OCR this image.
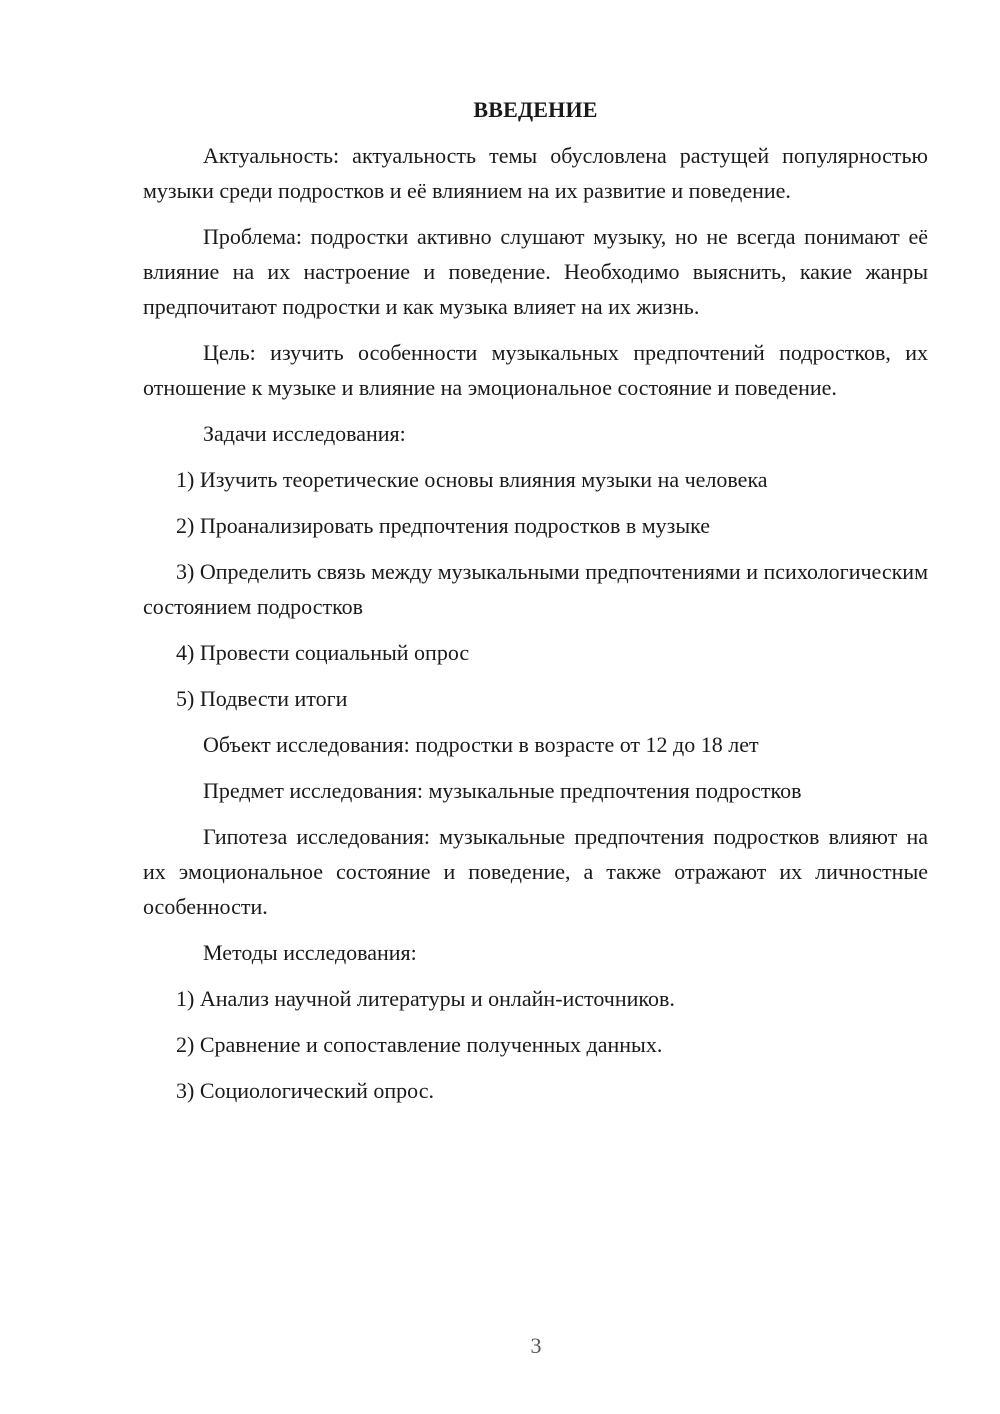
ВВЕДЕНИЕ
Актуальность: актуальность темы обусловлена растущей популярностью музыки среди подростков и её влиянием на их развитие и поведение.
Проблема: подростки активно слушают музыку, но не всегда понимают её влияние на их настроение и поведение. Необходимо выяснить, какие жанры предпочитают подростки и как музыка влияет на их жизнь.
Цель: изучить особенности музыкальных предпочтений подростков, их отношение к музыке и влияние на эмоциональное состояние и поведение.
Задачи исследования:
1) Изучить теоретические основы влияния музыки на человека
2) Проанализировать предпочтения подростков в музыке
3) Определить связь между музыкальными предпочтениями и психологическим состоянием подростков
4) Провести социальный опрос
5) Подвести итоги
Объект исследования: подростки в возрасте от 12 до 18 лет
Предмет исследования: музыкальные предпочтения подростков
Гипотеза исследования: музыкальные предпочтения подростков влияют на их эмоциональное состояние и поведение, а также отражают их личностные особенности.
Методы исследования:
1) Анализ научной литературы и онлайн-источников.
2) Сравнение и сопоставление полученных данных.
3) Социологический опрос.
3
